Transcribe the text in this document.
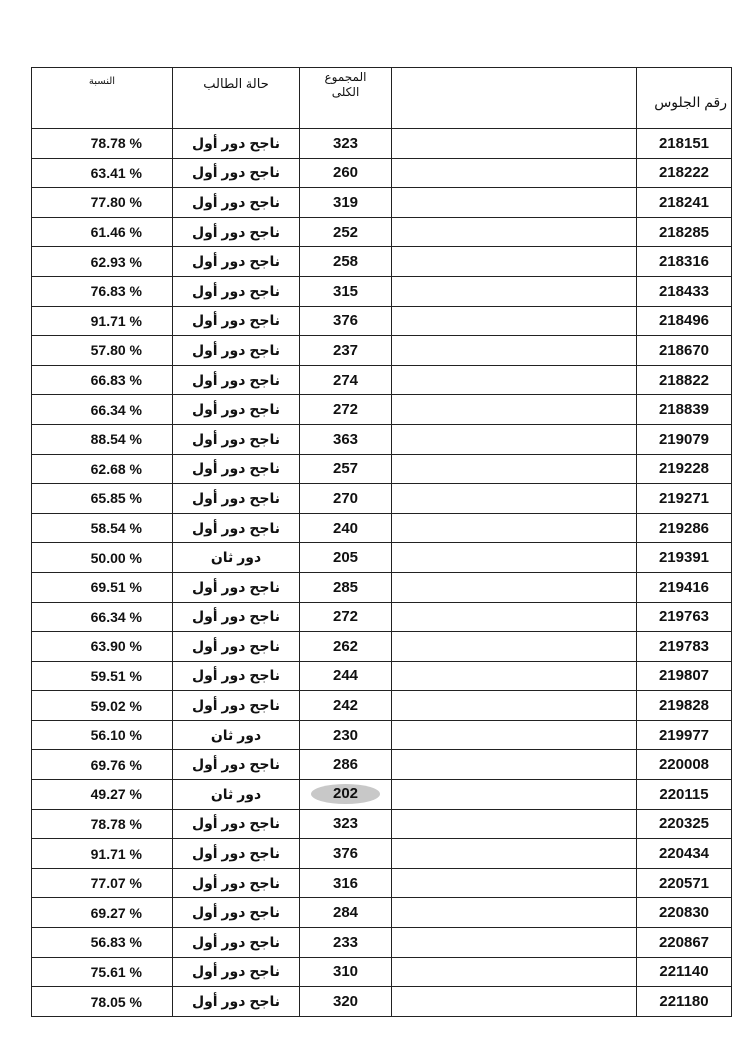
النسبة	حالة الطالب	المجموع
الكلى		رقم الجلوس
78.78 %	ناجح دور أول	323		218151
63.41 %	ناجح دور أول	260		218222
77.80 %	ناجح دور أول	319		218241
61.46 %	ناجح دور أول	252		218285
62.93 %	ناجح دور أول	258		218316
76.83 %	ناجح دور أول	315		218433
91.71 %	ناجح دور أول	376		218496
57.80 %	ناجح دور أول	237		218670
66.83 %	ناجح دور أول	274		218822
66.34 %	ناجح دور أول	272		218839
88.54 %	ناجح دور أول	363		219079
62.68 %	ناجح دور أول	257		219228
65.85 %	ناجح دور أول	270		219271
58.54 %	ناجح دور أول	240		219286
50.00 %	دور ثان	205		219391
69.51 %	ناجح دور أول	285		219416
66.34 %	ناجح دور أول	272		219763
63.90 %	ناجح دور أول	262		219783
59.51 %	ناجح دور أول	244		219807
59.02 %	ناجح دور أول	242		219828
56.10 %	دور ثان	230		219977
69.76 %	ناجح دور أول	286		220008
49.27 %	دور ثان	202		220115
78.78 %	ناجح دور أول	323		220325
91.71 %	ناجح دور أول	376		220434
77.07 %	ناجح دور أول	316		220571
69.27 %	ناجح دور أول	284		220830
56.83 %	ناجح دور أول	233		220867
75.61 %	ناجح دور أول	310		221140
78.05 %	ناجح دور أول	320		221180
